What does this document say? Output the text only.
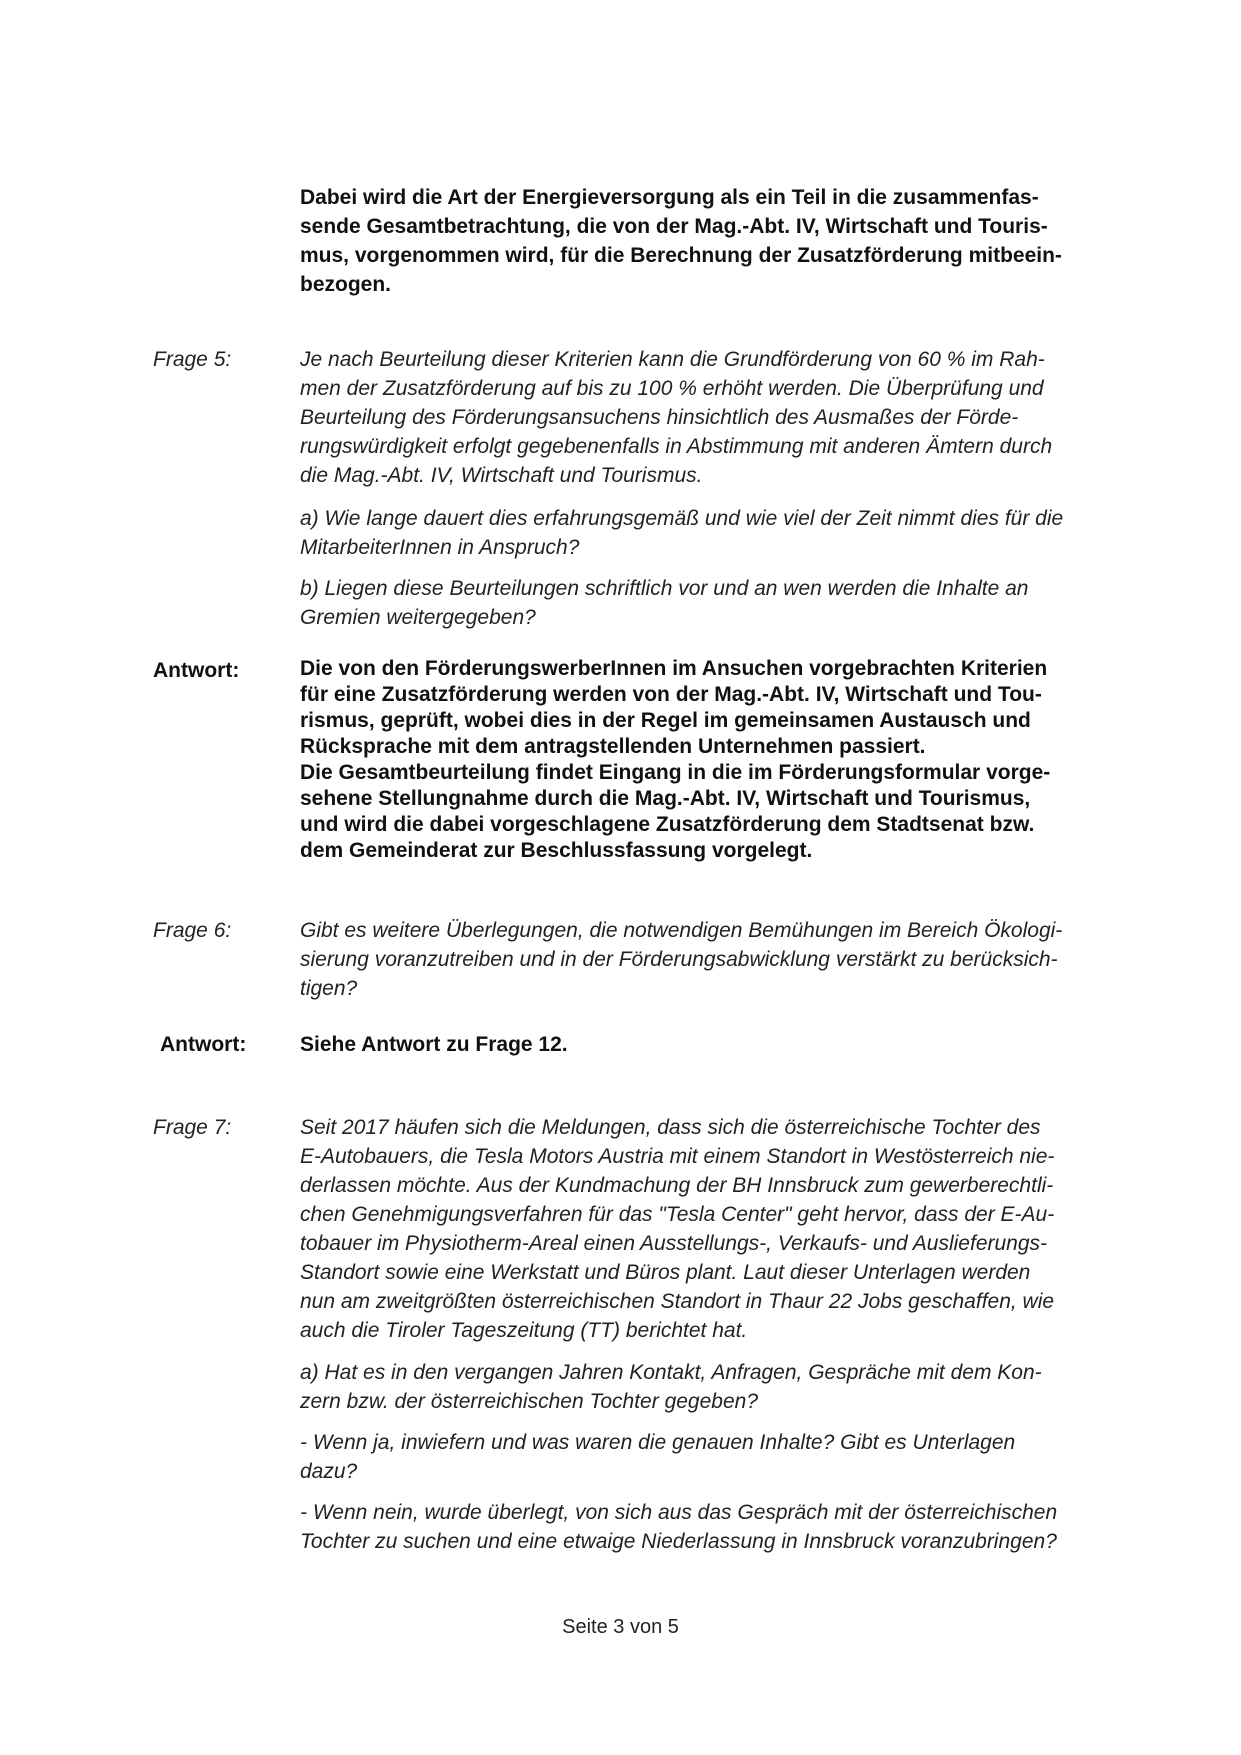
Dabei wird die Art der Energieversorgung als ein Teil in die zusammenfas-
sende Gesamtbetrachtung, die von der Mag.-Abt. IV, Wirtschaft und Touris-
mus, vorgenommen wird, für die Berechnung der Zusatzförderung mitbeein-
bezogen.
Frage 5:	Je nach Beurteilung dieser Kriterien kann die Grundförderung von 60 % im Rah-
men der Zusatzförderung auf bis zu 100 % erhöht werden. Die Überprüfung und
Beurteilung des Förderungsansuchens hinsichtlich des Ausmaßes der Förde-
rungswürdigkeit erfolgt gegebenenfalls in Abstimmung mit anderen Ämtern durch
die Mag.-Abt. IV, Wirtschaft und Tourismus.
a) Wie lange dauert dies erfahrungsgemäß und wie viel der Zeit nimmt dies für die
MitarbeiterInnen in Anspruch?
b) Liegen diese Beurteilungen schriftlich vor und an wen werden die Inhalte an
Gremien weitergegeben?
Antwort:	Die von den FörderungswerberInnen im Ansuchen vorgebrachten Kriterien
für eine Zusatzförderung werden von der Mag.-Abt. IV, Wirtschaft und Tou-
rismus, geprüft, wobei dies in der Regel im gemeinsamen Austausch und
Rücksprache mit dem antragstellenden Unternehmen passiert.
Die Gesamtbeurteilung findet Eingang in die im Förderungsformular vorge-
sehene Stellungnahme durch die Mag.-Abt. IV, Wirtschaft und Tourismus,
und wird die dabei vorgeschlagene Zusatzförderung dem Stadtsenat bzw.
dem Gemeinderat zur Beschlussfassung vorgelegt.
Frage 6:	Gibt es weitere Überlegungen, die notwendigen Bemühungen im Bereich Ökologi-
sierung voranzutreiben und in der Förderungsabwicklung verstärkt zu berücksich-
tigen?
Antwort:	Siehe Antwort zu Frage 12.
Frage 7:	Seit 2017 häufen sich die Meldungen, dass sich die österreichische Tochter des
E-Autobauers, die Tesla Motors Austria mit einem Standort in Westösterreich nie-
derlassen möchte. Aus der Kundmachung der BH Innsbruck zum gewerberechtli-
chen Genehmigungsverfahren für das "Tesla Center" geht hervor, dass der E-Au-
tobauer im Physiotherm-Areal einen Ausstellungs-, Verkaufs- und Auslieferungs-
Standort sowie eine Werkstatt und Büros plant. Laut dieser Unterlagen werden
nun am zweitgrößten österreichischen Standort in Thaur 22 Jobs geschaffen, wie
auch die Tiroler Tageszeitung (TT) berichtet hat.
a) Hat es in den vergangen Jahren Kontakt, Anfragen, Gespräche mit dem Kon-
zern bzw. der österreichischen Tochter gegeben?
- Wenn ja, inwiefern und was waren die genauen Inhalte? Gibt es Unterlagen
dazu?
- Wenn nein, wurde überlegt, von sich aus das Gespräch mit der österreichischen
Tochter zu suchen und eine etwaige Niederlassung in Innsbruck voranzubringen?
Seite 3 von 5
